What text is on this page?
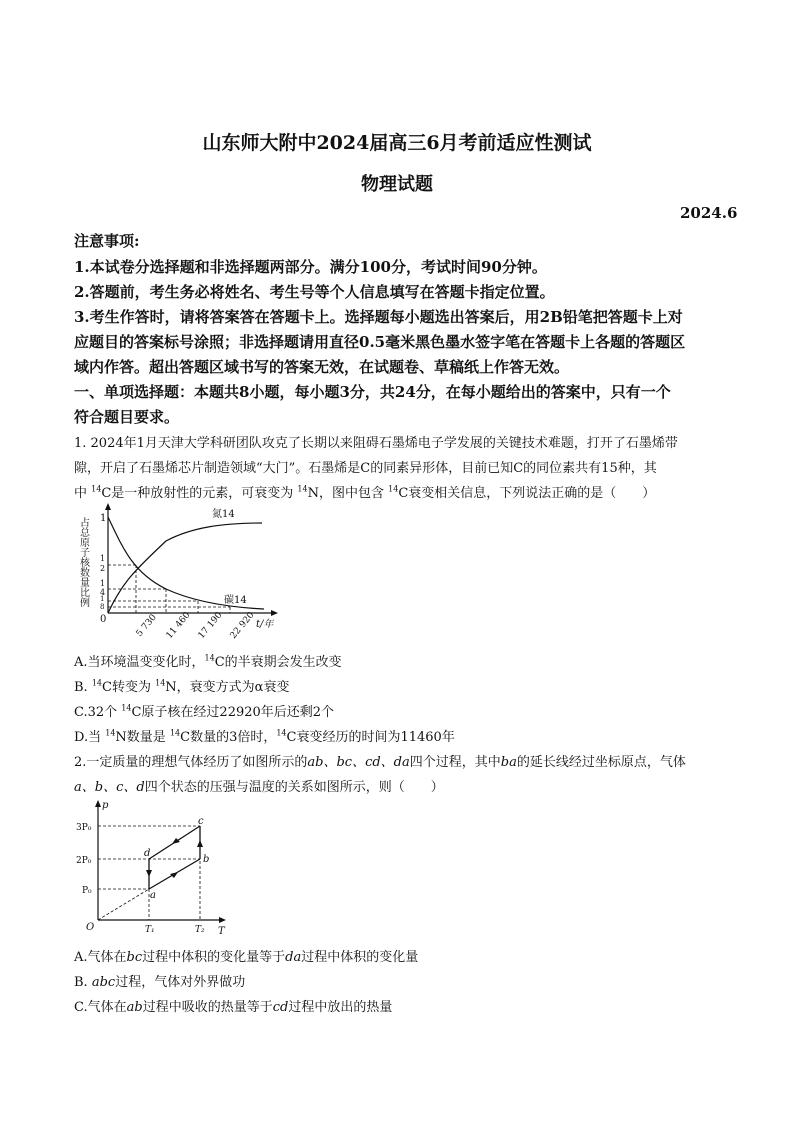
山东师大附中2024届高三6月考前适应性测试
物理试题
2024.6
注意事项:
1.本试卷分选择题和非选择题两部分。满分100分，考试时间90分钟。
2.答题前，考生务必将姓名、考生号等个人信息填写在答题卡指定位置。
3.考生作答时，请将答案答在答题卡上。选择题每小题选出答案后，用2B铅笔把答题卡上对
应题目的答案标号涂照；非选择题请用直径0.5毫米黑色墨水签字笔在答题卡上各题的答题区
域内作答。超出答题区域书写的答案无效，在试题卷、草稿纸上作答无效。
一、单项选择题：本题共8小题，每小题3分，共24分，在每小题给出的答案中，只有一个
符合题目要求。
1. 2024年1月天津大学科研团队攻克了长期以来阻碍石墨烯电子学发展的关键技术难题，打开了石墨烯带
隙，开启了石墨烯芯片制造领域“大门”。石墨烯是C的同素异形体，目前已知C的同位素共有15种，其
中 $^{14}$C是一种放射性的元素，可衰变为 $^{14}$N，图中包含 $^{14}$C衰变相关信息，下列说法正确的是（　　）
占总原子核数量比例 1
1
2
1
4
1
8
0	5 730 11 460 17 190 22 920 t/年
氮14
碳14
A.当环境温变变化时，$^{14}$C的半衰期会发生改变
B. $^{14}$C转变为 $^{14}$N，衰变方式为α衰变
C.32个 $^{14}$C原子核在经过22920年后还剩2个
D.当 $^{14}$N数量是 $^{14}$C数量的3倍时，$^{14}$C衰变经历的时间为11460年
2.一定质量的理想气体经历了如图所示的ab、bc、cd、da四个过程，其中ba的延长线经过坐标原点，气体
a、b、c、d四个状态的压强与温度的关系如图所示，则（　　）
p
T
O
3P₀
2P₀
P₀
T₁	T₂
a
b
c
d
A.气体在bc过程中体积的变化量等于da过程中体积的变化量
B. abc过程，气体对外界做功
C.气体在ab过程中吸收的热量等于cd过程中放出的热量
